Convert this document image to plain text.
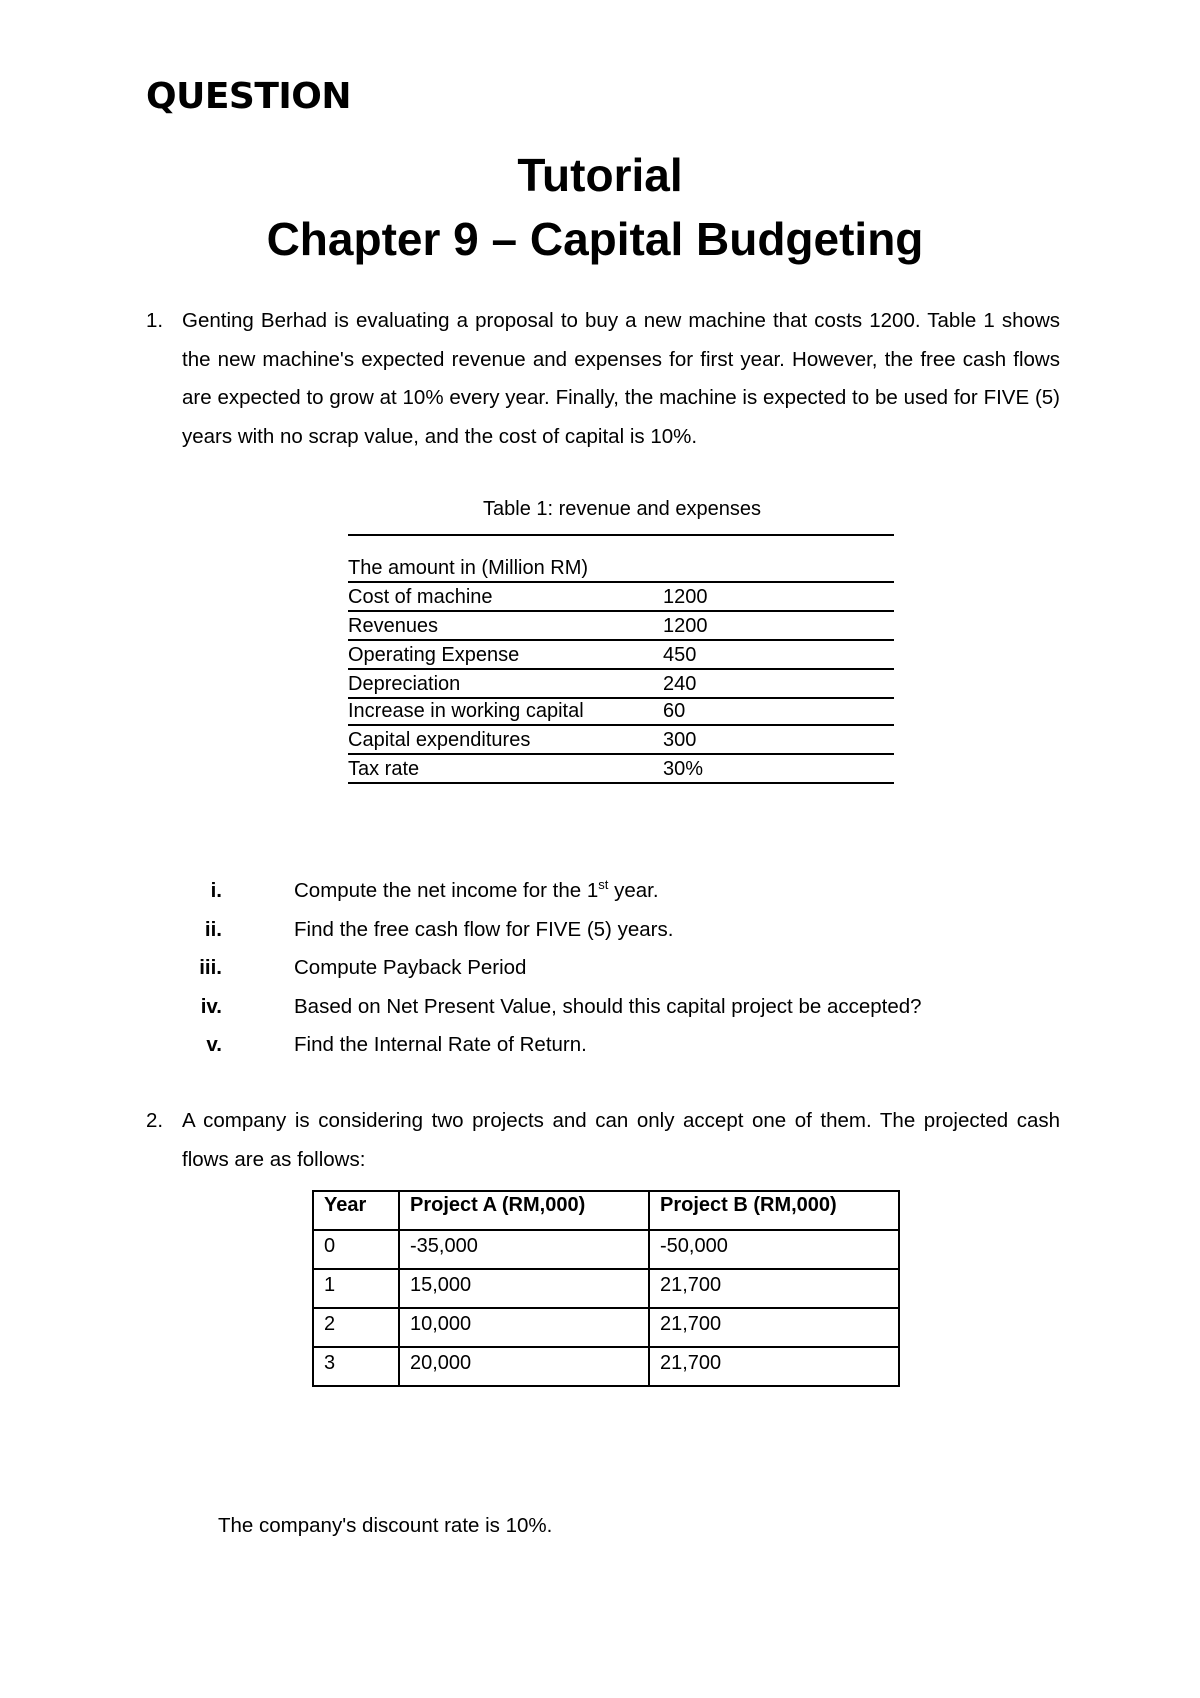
QUESTION
Tutorial
Chapter 9 – Capital Budgeting
1. Genting Berhad is evaluating a proposal to buy a new machine that costs 1200. Table 1 shows the new machine's expected revenue and expenses for first year. However, the free cash flows are expected to grow at 10% every year. Finally, the machine is expected to be used for FIVE (5) years with no scrap value, and the cost of capital is 10%.
Table 1: revenue and expenses
The amount in (Million RM)
Cost of machine	1200
Revenues	1200
Operating Expense	450
Depreciation	240
Increase in working capital	60
Capital expenditures	300
Tax rate	30%
i.	Compute the net income for the 1st year.
ii.	Find the free cash flow for FIVE (5) years.
iii.	Compute Payback Period
iv.	Based on Net Present Value, should this capital project be accepted?
v.	Find the Internal Rate of Return.
2. A company is considering two projects and can only accept one of them. The projected cash flows are as follows:
Year	Project A (RM,000)	Project B (RM,000)
0	-35,000	-50,000
1	15,000	21,700
2	10,000	21,700
3	20,000	21,700
The company's discount rate is 10%.
